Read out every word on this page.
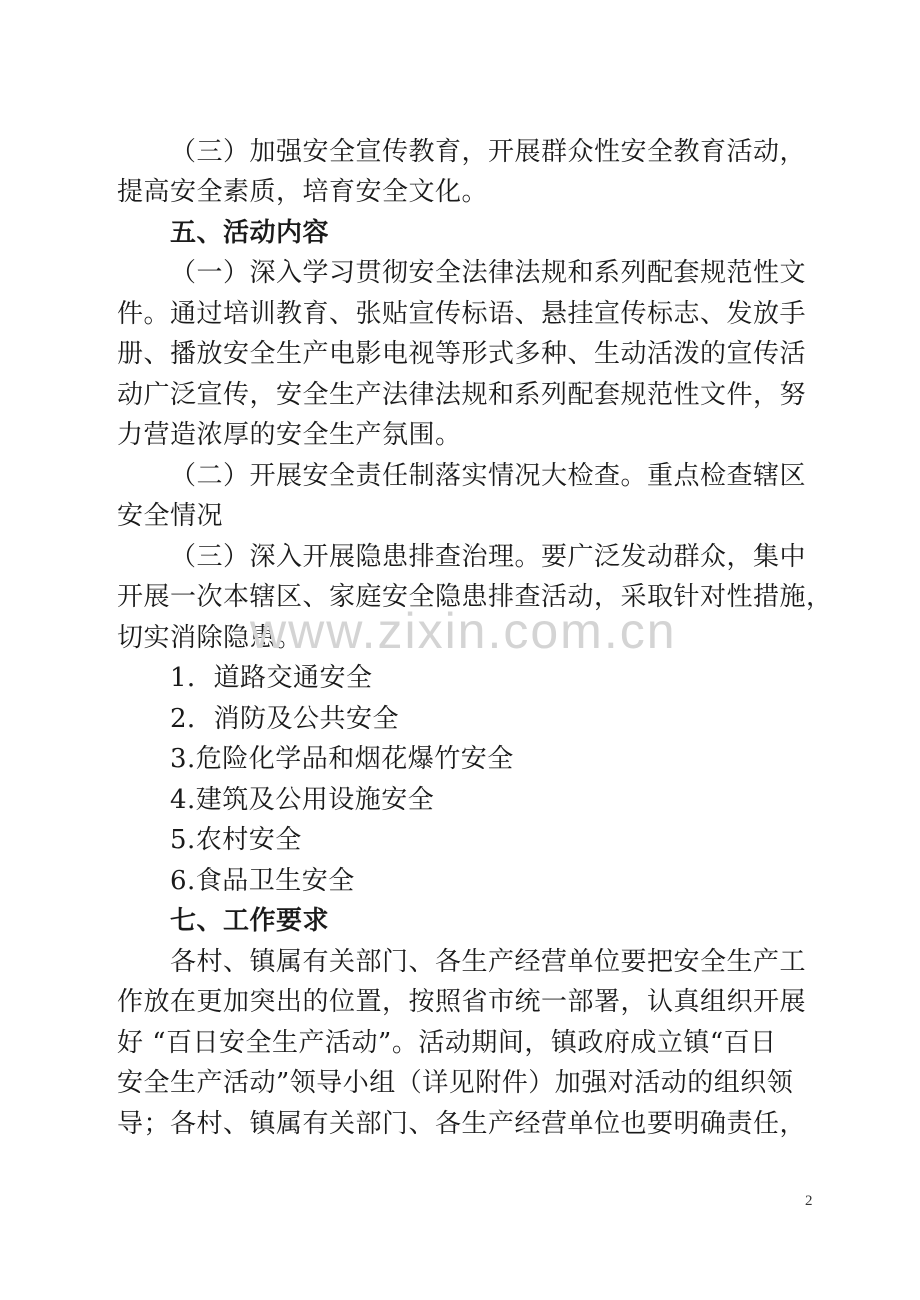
（三）加强安全宣传教育，开展群众性安全教育活动，
提高安全素质，培育安全文化。
五、活动内容
（一）深入学习贯彻安全法律法规和系列配套规范性文
件。通过培训教育、张贴宣传标语、悬挂宣传标志、发放手
册、播放安全生产电影电视等形式多种、生动活泼的宣传活
动广泛宣传，安全生产法律法规和系列配套规范性文件，努
力营造浓厚的安全生产氛围。
（二）开展安全责任制落实情况大检查。重点检查辖区
安全情况
（三）深入开展隐患排查治理。要广泛发动群众，集中
开展一次本辖区、家庭安全隐患排查活动，采取针对性措施，
切实消除隐患。
1．道路交通安全
2．消防及公共安全
3.危险化学品和烟花爆竹安全
4.建筑及公用设施安全
5.农村安全
6.食品卫生安全
七、工作要求
各村、镇属有关部门、各生产经营单位要把安全生产工
作放在更加突出的位置，按照省市统一部署，认真组织开展
好 “百日安全生产活动”。活动期间，镇政府成立镇“百日
安全生产活动”领导小组（详见附件）加强对活动的组织领
导；各村、镇属有关部门、各生产经营单位也要明确责任，
www.zixin.com.cn
2
